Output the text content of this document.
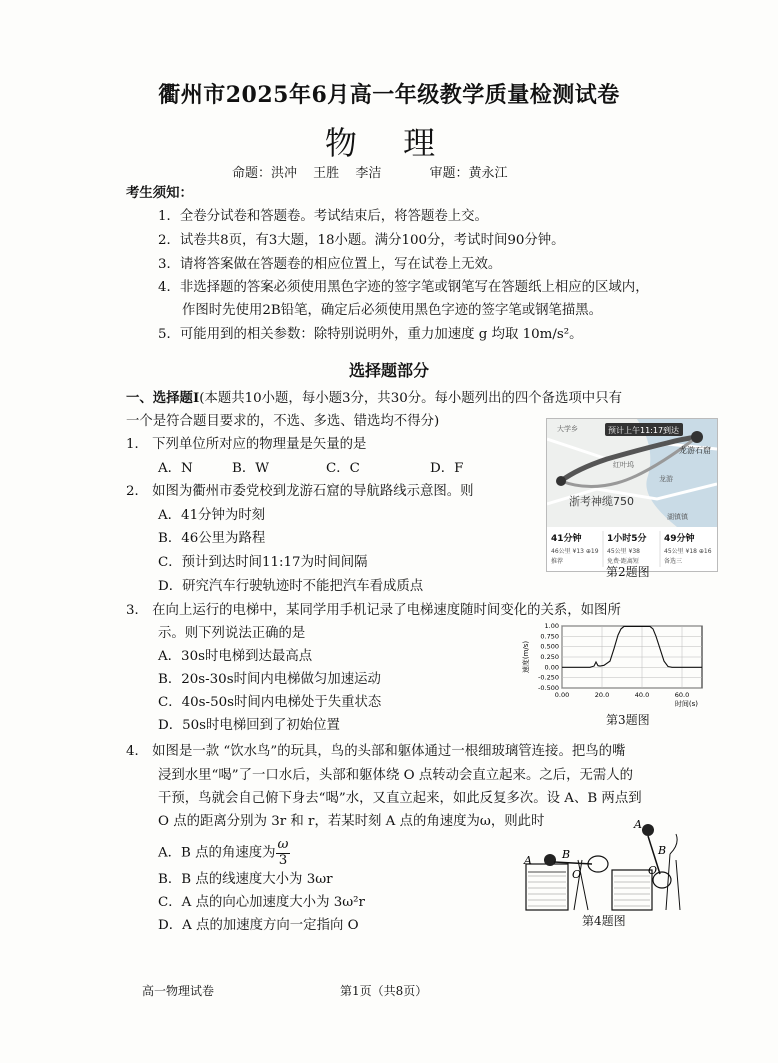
衢州市2025年6月高一年级教学质量检测试卷
物 理
命题：洪冲 王胜 李洁	审题：黄永江
考生须知：
1．全卷分试卷和答题卷。考试结束后，将答题卷上交。
2．试卷共8页，有3大题，18小题。满分100分，考试时间90分钟。
3．请将答案做在答题卷的相应位置上，写在试卷上无效。
4．非选择题的答案必须使用黑色字迹的签字笔或钢笔写在答题纸上相应的区域内，
作图时先使用2B铅笔，确定后必须使用黑色字迹的签字笔或钢笔描黑。
5．可能用到的相关参数：除特别说明外，重力加速度 g 均取 10m/s²。
选择题部分
一、选择题Ⅰ(本题共10小题，每小题3分，共30分。每小题列出的四个备选项中只有
一个是符合题目要求的，不选、多选、错选均不得分)
1． 下列单位所对应的物理量是矢量的是
A．N	B．W	C．C	D．F
2． 如图为衢州市委党校到龙游石窟的导航路线示意图。则
A．41分钟为时刻
B．46公里为路程
C．预计到达时间11:17为时间间隔
D．研究汽车行驶轨迹时不能把汽车看成质点
预计上午11:17到达
龙游石窟
大学乡
红叶坞
龙游
湖镇镇
浙考神缆750
41分钟
46公里 ¥13 ⊕19
推荐
1小时5分
45公里 ¥38
免费·距离短
49分钟
45公里 ¥18 ⊕16
备选三
第2题图
3． 在向上运行的电梯中，某同学用手机记录了电梯速度随时间变化的关系，如图所
示。则下列说法正确的是
A．30s时电梯到达最高点
B．20s-30s时间内电梯做匀加速运动
C．40s-50s时间内电梯处于失重状态
D．50s时电梯回到了初始位置
1.00
0.750
0.500
0.250
0.00
-0.250
-0.500
0.00	20.0	40.0	60.0
速度(m/s)
时间(s)
第3题图
4． 如图是一款 “饮水鸟”的玩具，鸟的头部和躯体通过一根细玻璃管连接。把鸟的嘴
浸到水里“喝”了一口水后，头部和躯体绕 O 点转动会直立起来。之后，无需人的
干预，鸟就会自己俯下身去“喝”水，又直立起来，如此反复多次。设 A、B 两点到
O 点的距离分别为 3r 和 r，若某时刻 A 点的角速度为ω，则此时
A．B 点的角速度为 $\frac{\omega}{3}$
B．B 点的线速度大小为 3ωr
C．A 点的向心加速度大小为 3ω²r
D．A 点的加速度方向一定指向 O
A	B
O
A
B
O
第4题图
高一物理试卷	第1页（共8页）
